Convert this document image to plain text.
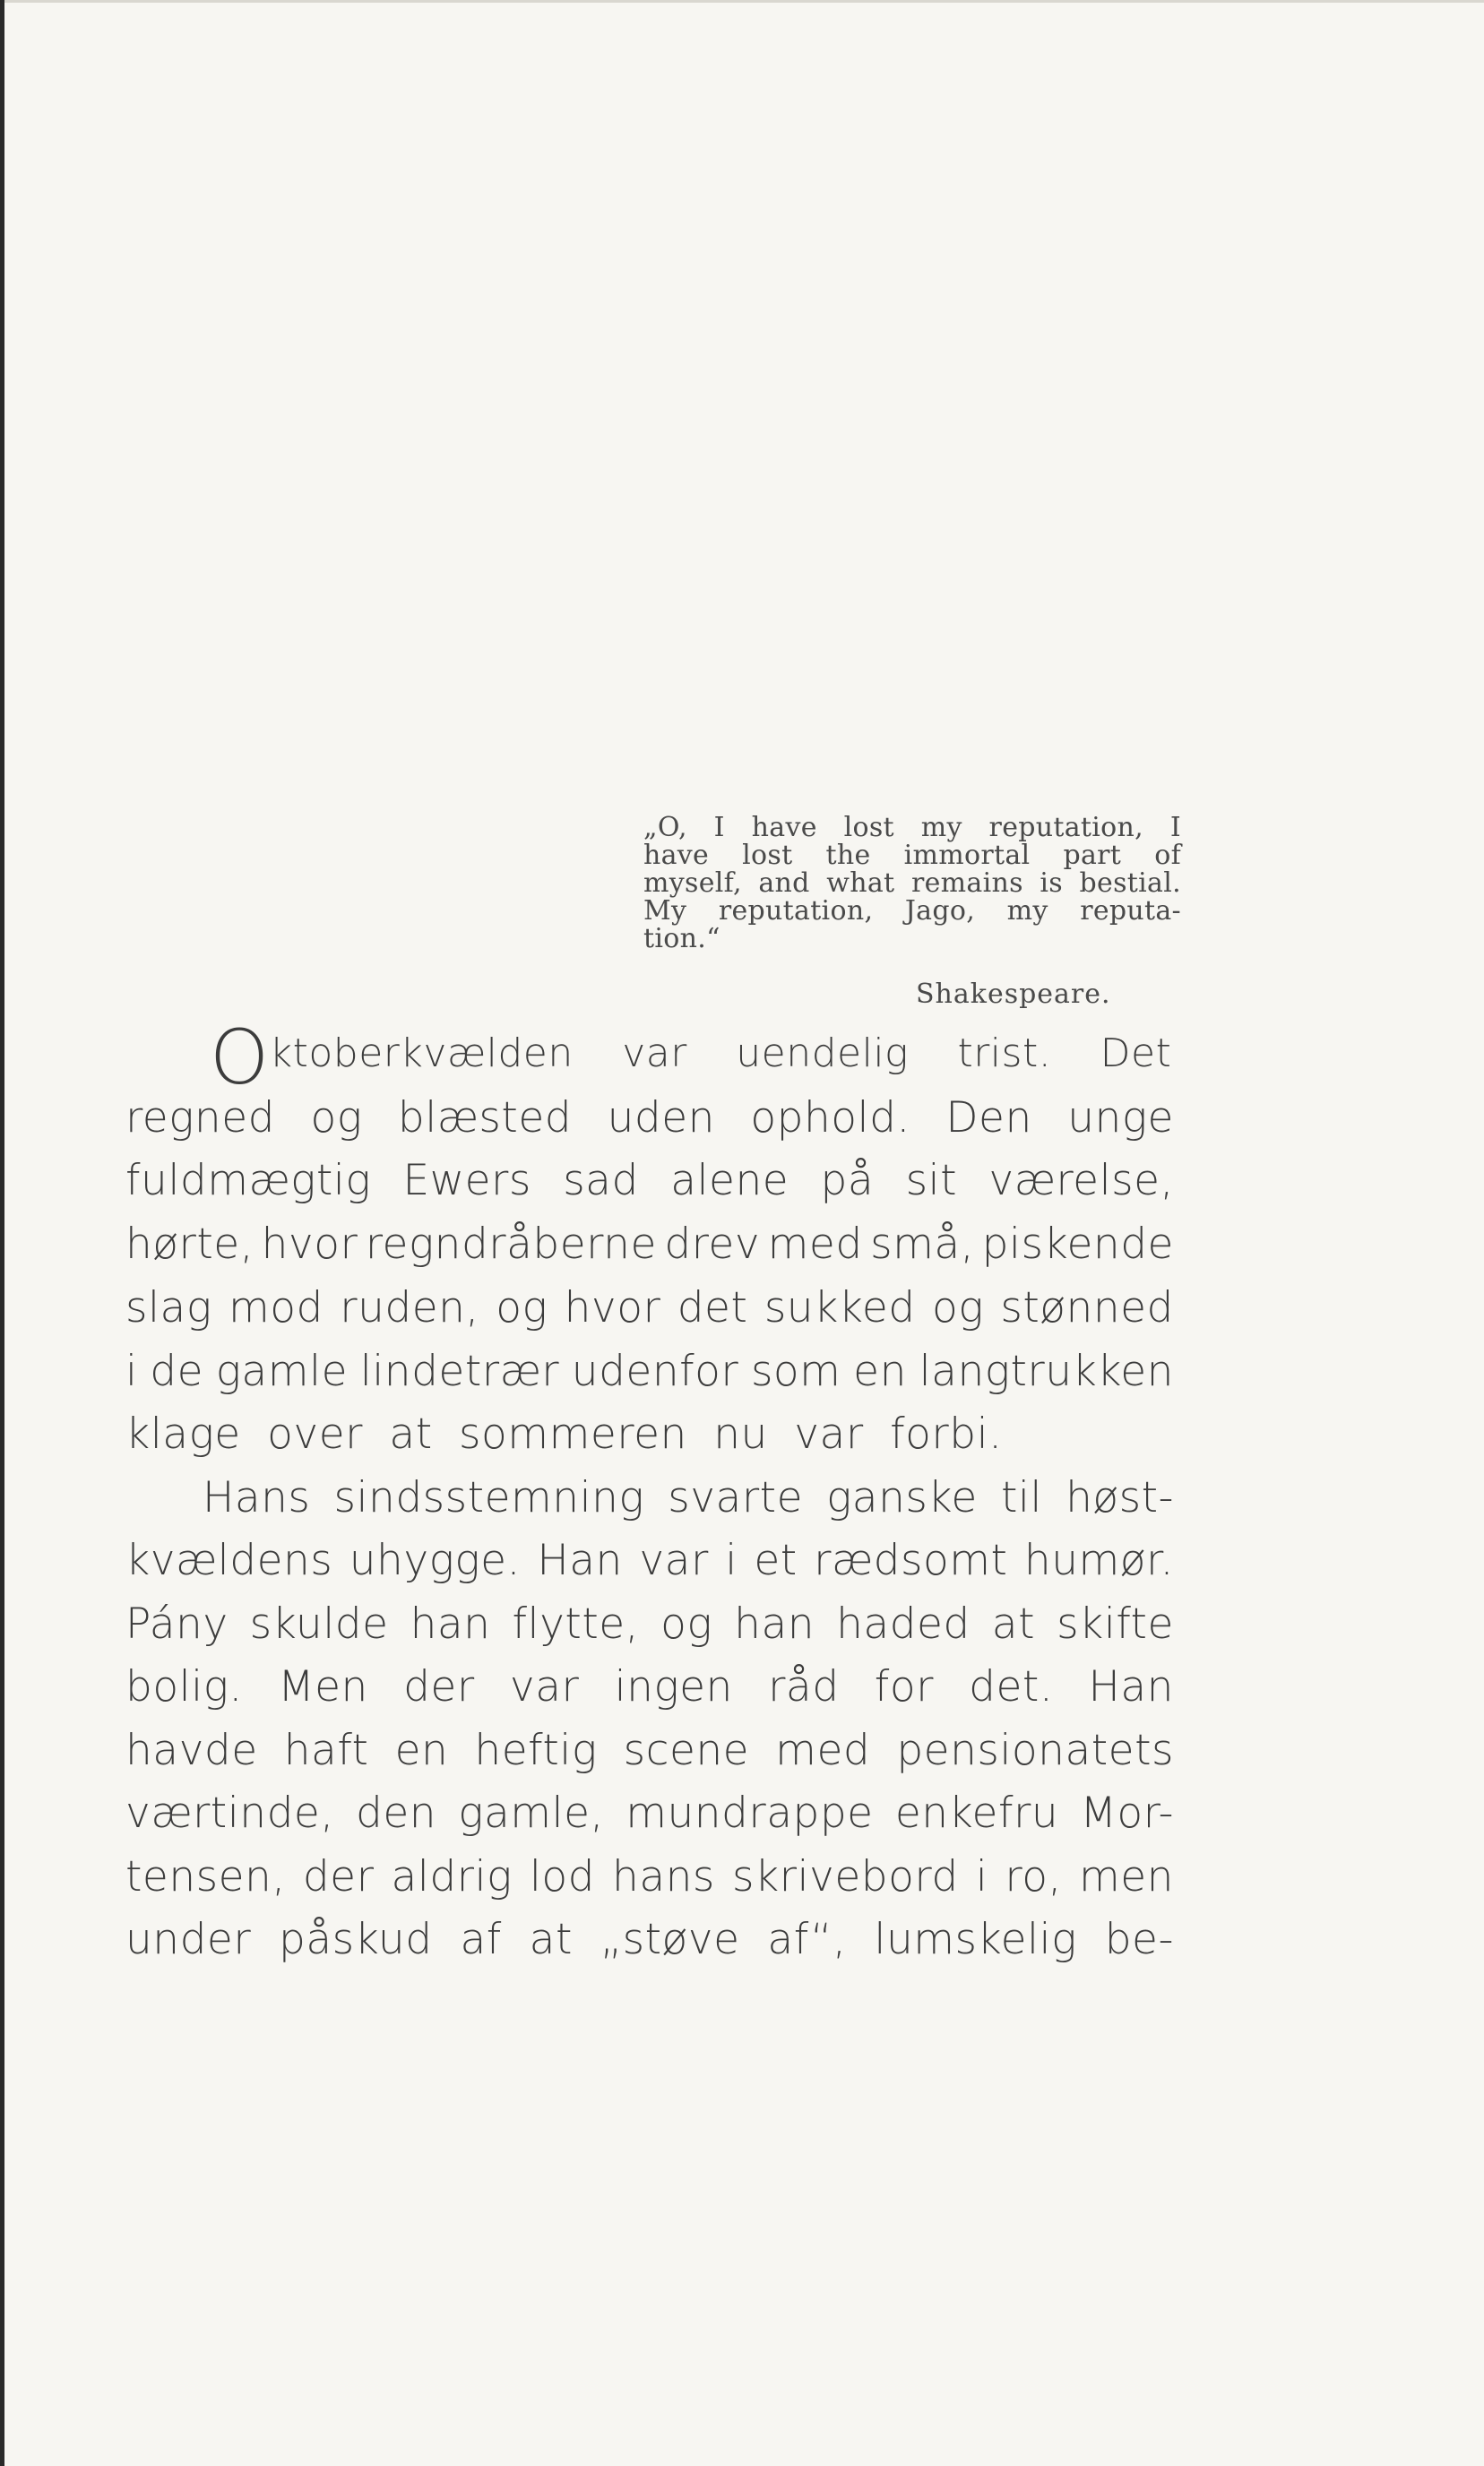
„O, I have lost my reputation, I
have lost the immortal part of
myself, and what remains is bestial.
My reputation, Jago, my reputa-
tion.“
Shakespeare.
O ktoberkvælden var uendelig trist. Det
regned og blæsted uden ophold. Den unge
fuldmægtig Ewers sad alene på sit værelse,
hørte, hvor regndråberne drev med små, piskende
slag mod ruden, og hvor det sukked og stønned
i de gamle lindetrær udenfor som en langtrukken
klage over at sommeren nu var forbi.
Hans sindsstemning svarte ganske til høst-
kvældens uhygge. Han var i et rædsomt humør.
Pány skulde han flytte, og han haded at skifte
bolig. Men der var ingen råd for det. Han
havde haft en heftig scene med pensionatets
værtinde, den gamle, mundrappe enkefru Mor-
tensen, der aldrig lod hans skrivebord i ro, men
under påskud af at „støve af“, lumskelig be-
